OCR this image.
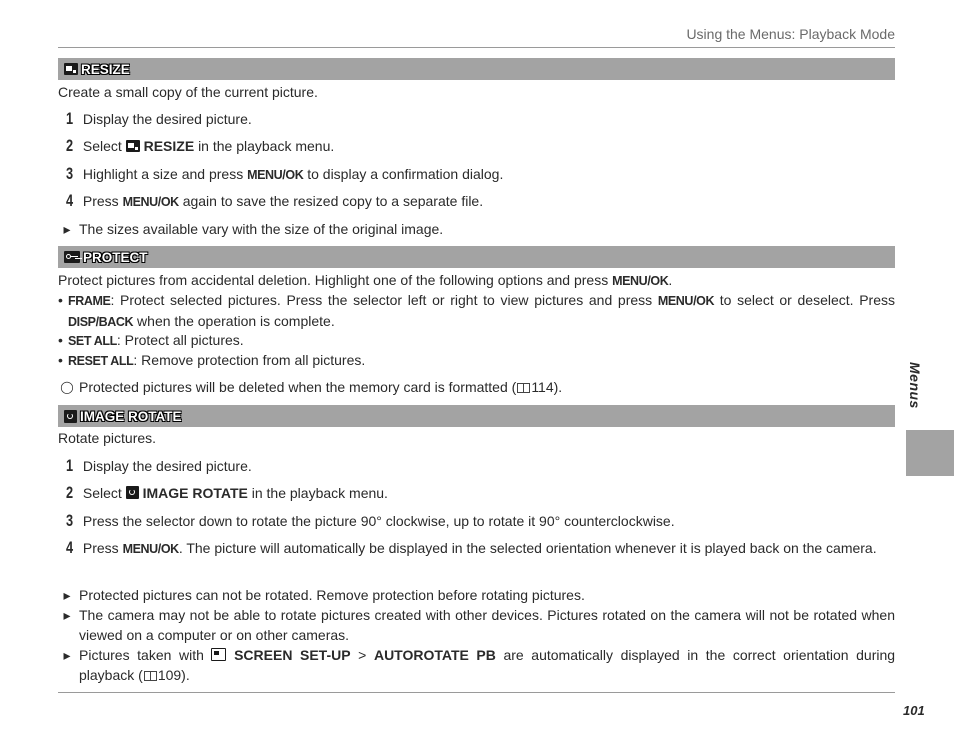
Using the Menus: Playback Mode
RESIZE
Create a small copy of the current picture.
1 Display the desired picture.
2 Select RESIZE in the playback menu.
3 Highlight a size and press MENU/OK to display a confirmation dialog.
4 Press MENU/OK again to save the resized copy to a separate file.
▸ The sizes available vary with the size of the original image.
PROTECT
Protect pictures from accidental deletion. Highlight one of the following options and press MENU/OK.
• FRAME: Protect selected pictures. Press the selector left or right to view pictures and press MENU/OK to select or deselect. Press DISP/BACK when the operation is complete.
• SET ALL: Protect all pictures.
• RESET ALL: Remove protection from all pictures.
◯ Protected pictures will be deleted when the memory card is formatted ( 114).
IMAGE ROTATE
Rotate pictures.
1 Display the desired picture.
2 Select IMAGE ROTATE in the playback menu.
3 Press the selector down to rotate the picture 90° clockwise, up to rotate it 90° counterclockwise.
4 Press MENU/OK. The picture will automatically be displayed in the selected orientation whenever it is played back on the camera.
▸ Protected pictures can not be rotated. Remove protection before rotating pictures.
▸ The camera may not be able to rotate pictures created with other devices. Pictures rotated on the camera will not be rotated when viewed on a computer or on other cameras.
▸ Pictures taken with SCREEN SET-UP > AUTOROTATE PB are automatically displayed in the correct orientation during playback ( 109).
Menus
101
